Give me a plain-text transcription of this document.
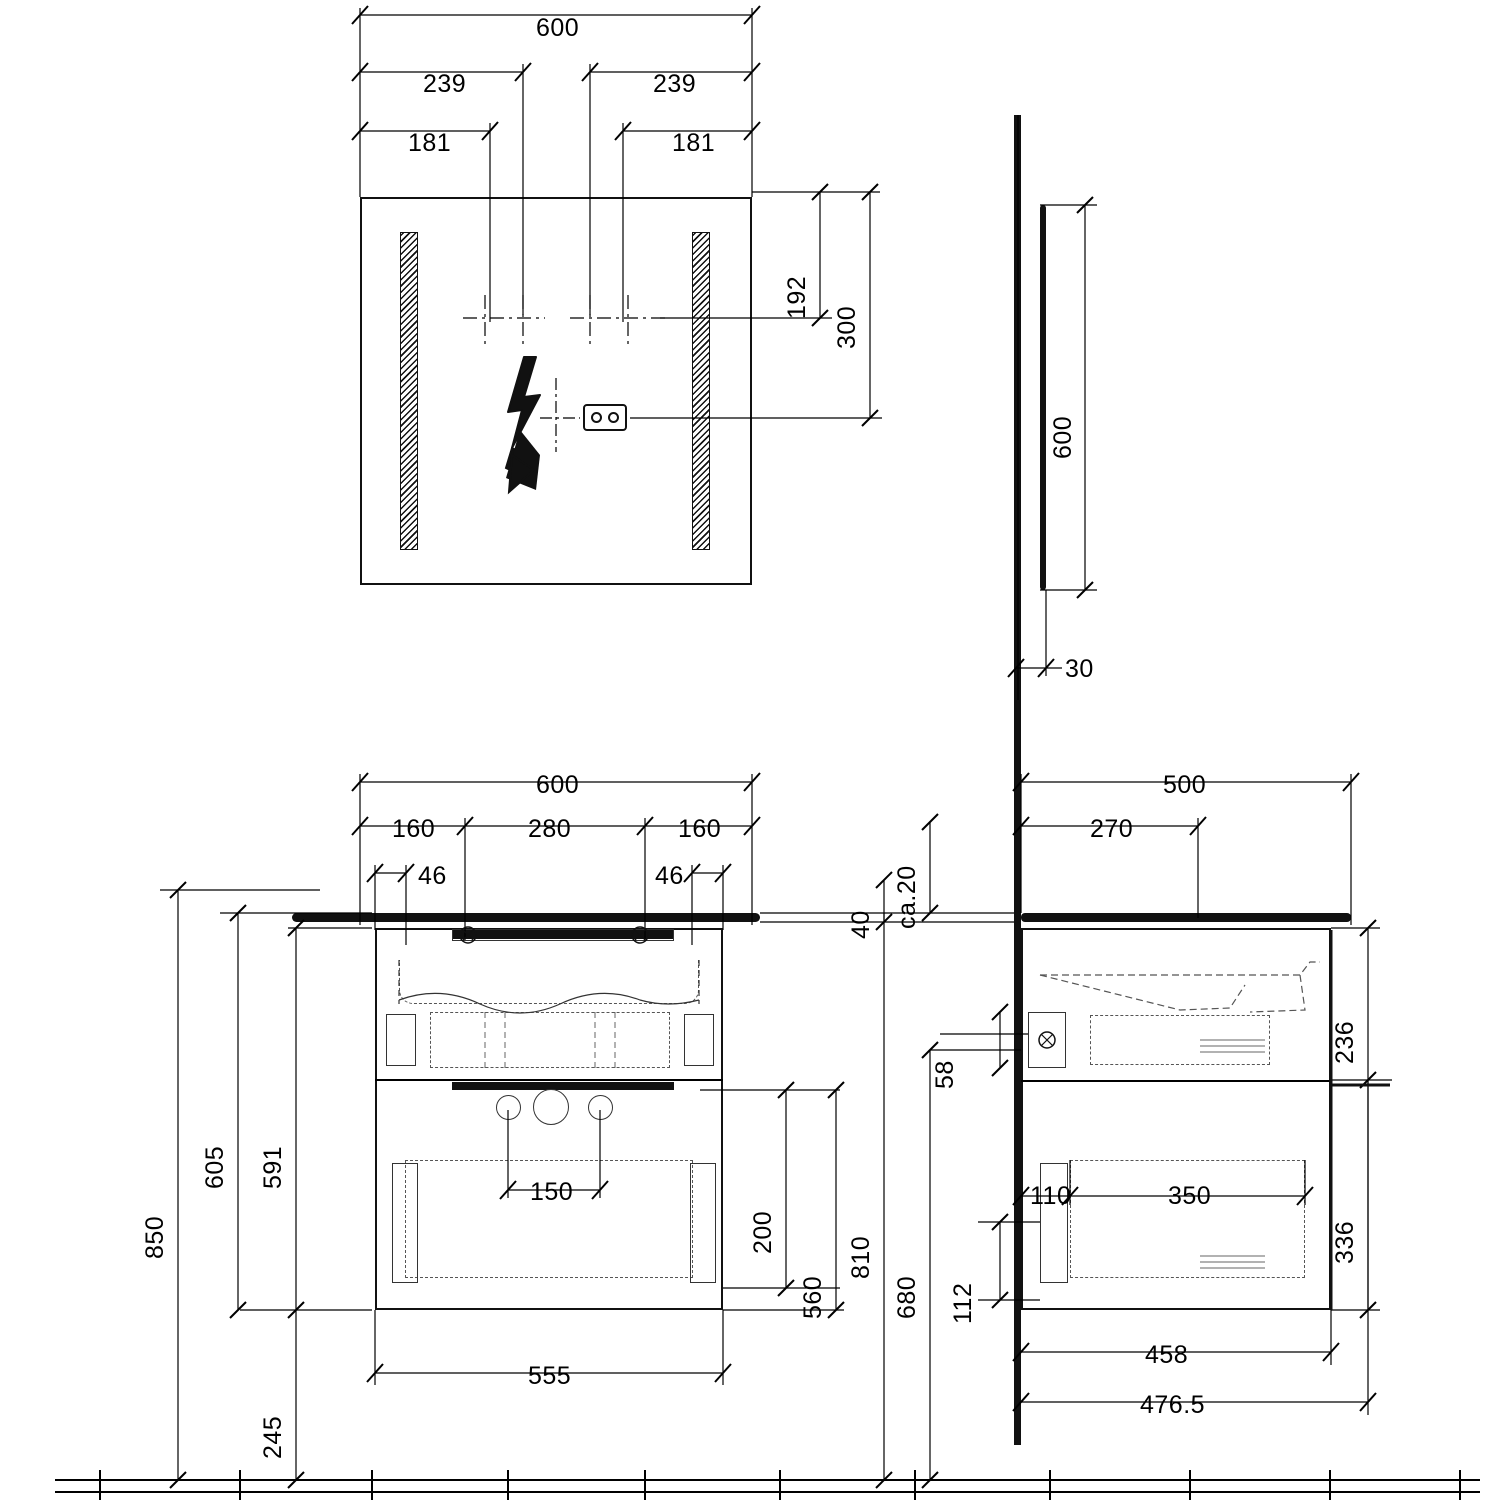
600
239	239
181	181
192
300
600
30
600
160	280	160
46	46
850
605 591
245
555
150
200
560
40 ca.20
810
680
500
270
236
336
458
476.5
58
112
110	350
